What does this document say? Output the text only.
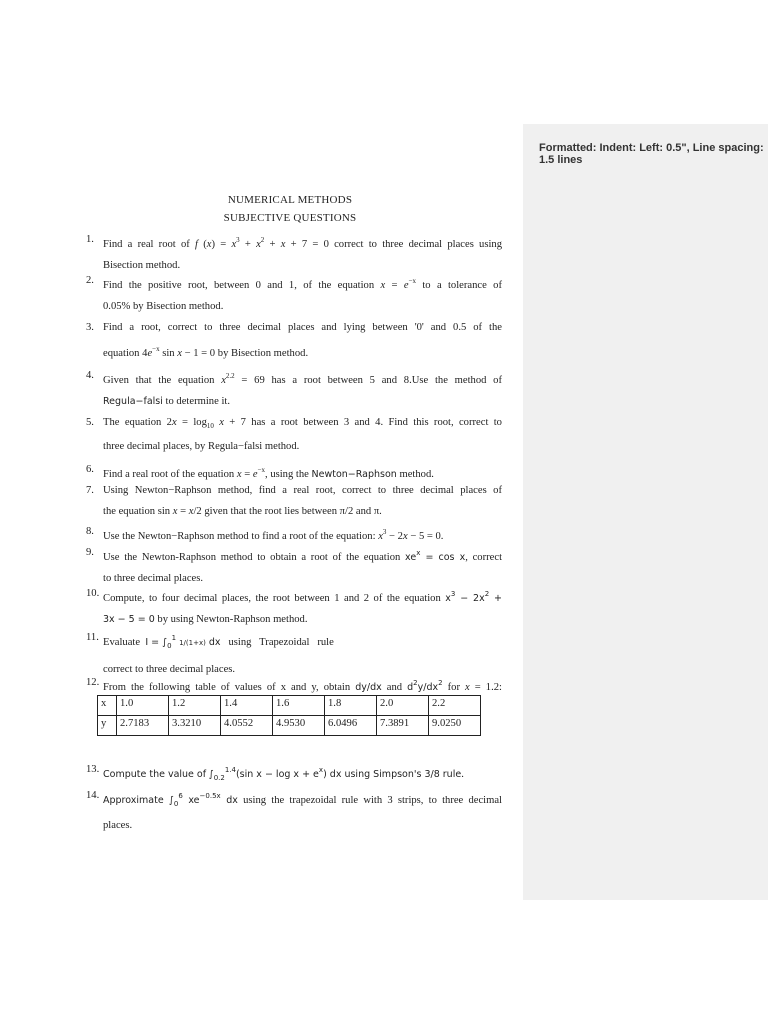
NUMERICAL METHODS
SUBJECTIVE QUESTIONS
1. Find a real root of f $(x) = x^3 + x^2 + x + 7 = 0$ correct to three decimal places using
Bisection method.
2. Find the positive root, between 0 and 1, of the equation $x = e^{-x}$ to a tolerance of
0.05% by Bisection method.
3. Find a root, correct to three decimal places and lying between '0' and 0.5 of the
equation $4e^{-x}$ sin x − 1 = 0 by Bisection method.
4. Given that the equation $x^{2.2} = 69$ has a root between 5 and 8.Use the method of
Regula−falsi to determine it.
5. The equation $2x = \log_{10} x + 7$ has a root between 3 and 4. Find this root, correct to
three decimal places, by Regula−falsi method.
6. Find a real root of the equation $x = e^{-x}$, using the Newton−Raphson method.
7. Using Newton−Raphson method, find a real root, correct to three decimal places of
the equation sin x = x/2 given that the root lies between π/2 and π.
8. Use the Newton−Raphson method to find a root of the equation: $x^3 - 2x - 5 = 0$.
9. Use the Newton-Raphson method to obtain a root of the equation $xe^x = \cos x$, correct
to three decimal places.
10. Compute, to four decimal places, the root between 1 and 2 of the equation $x^3 - 2x^2$ +
3x − 5 = 0 by using Newton-Raphson method.
11. Evaluate $I = \int_0^1$ 1/(1+x) dx   using   Trapezoidal   rule
correct to three decimal places.
12. From the following table of values of x and y, obtain dy/dx and $d^2y/dx^2$ for x = 1.2:
x	1.0	1.2	1.4	1.6	1.8	2.0	2.2
y	2.7183	3.3210	4.0552	4.9530	6.0496	7.3891	9.0250
13. Compute the value of $\int_{0.2}^{1.4}(\sin$ $x - \log x + e^x$) dx using Simpson's 3/8 rule.
14. Approximate $\int_0^6$ $xe^{-0.5x}$ dx using the trapezoidal rule with 3 strips, to three decimal
places.
Formatted: Indent: Left: 0.5", Line spacing: 1.5 lines
